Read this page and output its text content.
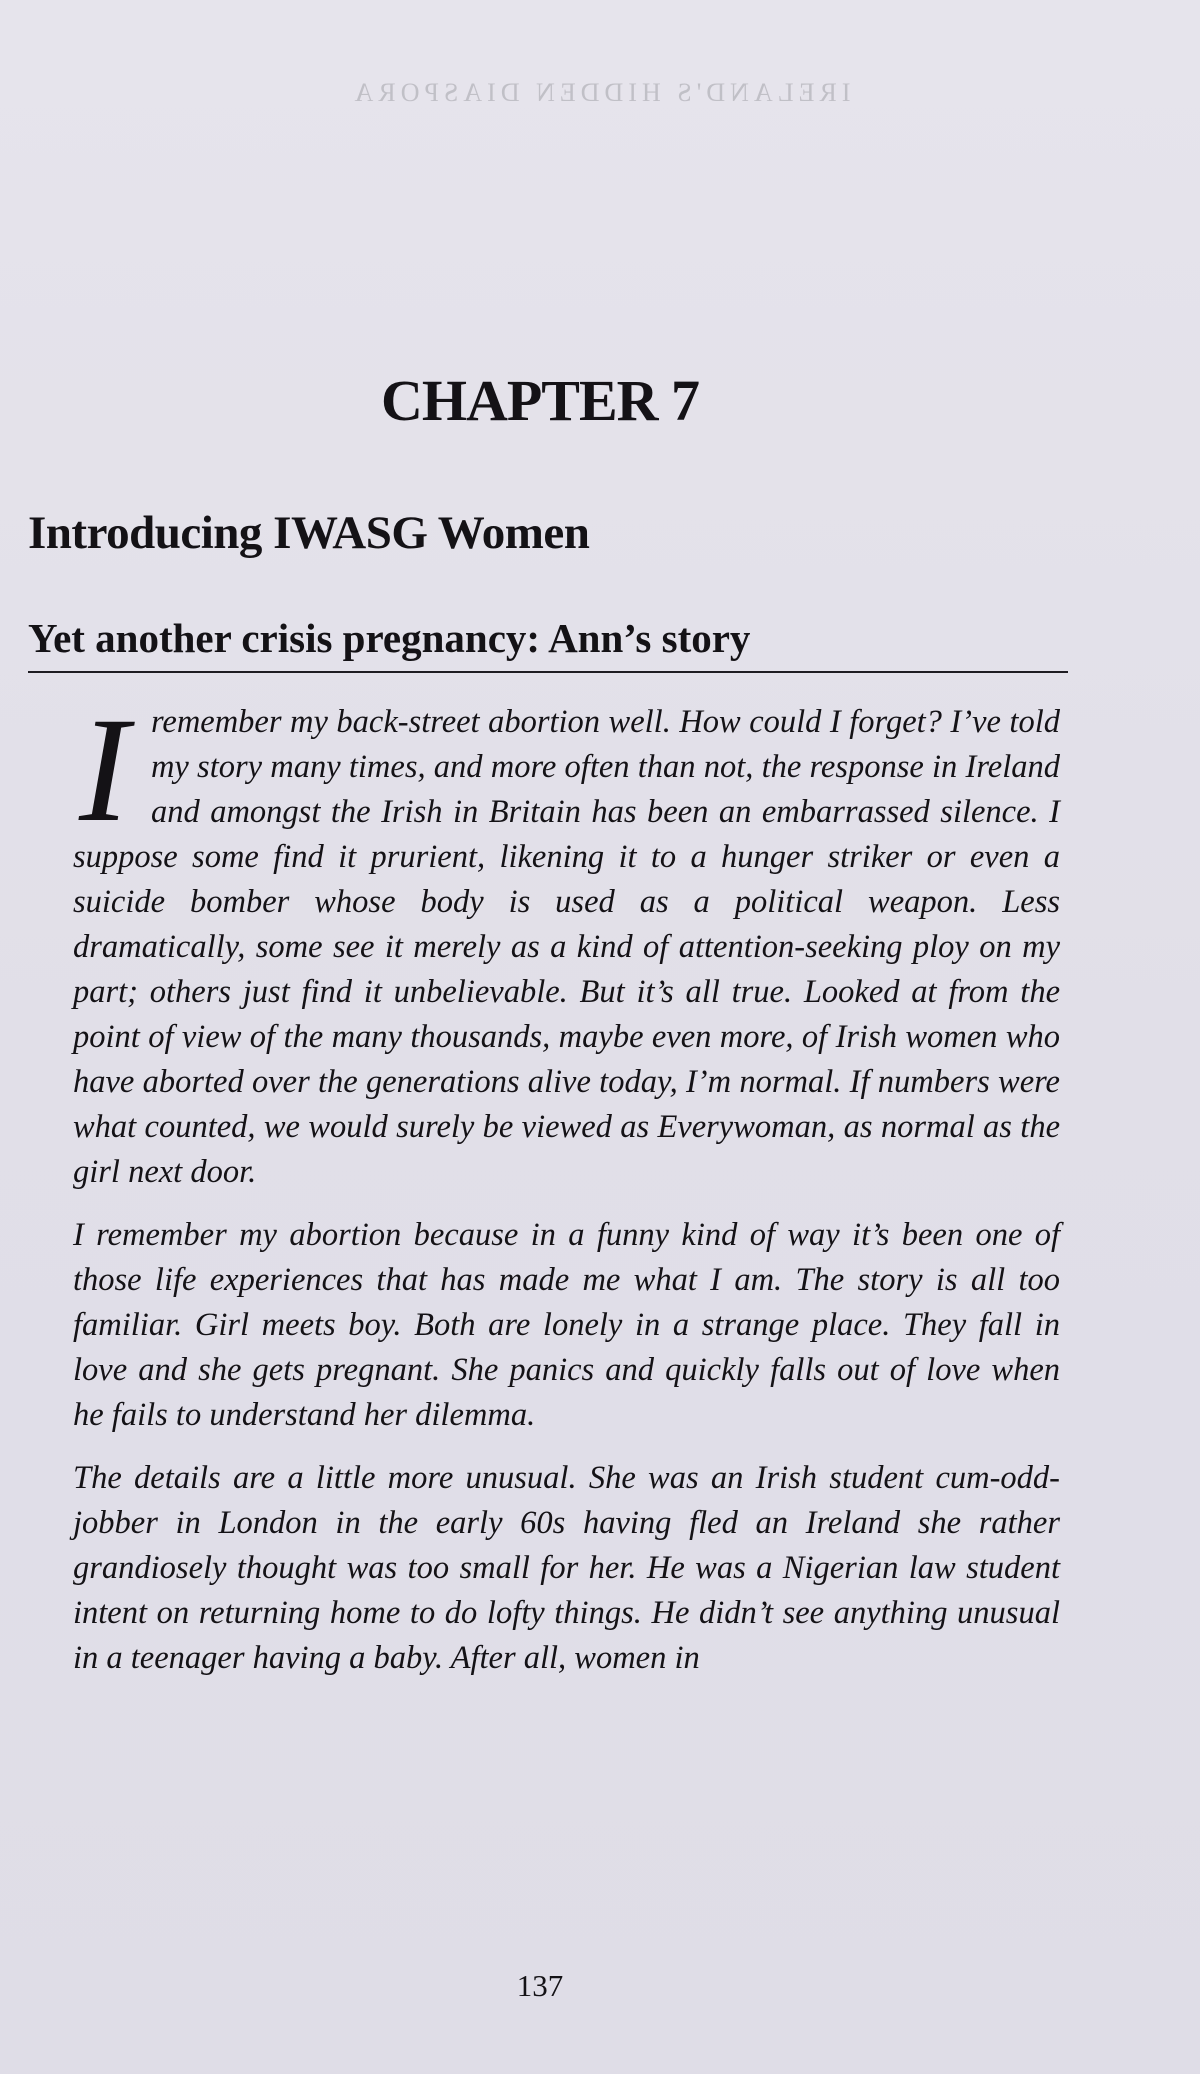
IRELAND'S HIDDEN DIASPORA
CHAPTER 7
Introducing IWASG Women
Yet another crisis pregnancy: Ann’s story

I remember my back-street abortion well. How could I forget? I’ve told my story many times, and more often than not, the response in Ireland and amongst the Irish in Britain has been an embarrassed silence. I suppose some find it prurient, likening it to a hunger striker or even a suicide bomber whose body is used as a political weapon. Less dramatically, some see it merely as a kind of attention-seeking ploy on my part; others just find it unbelievable. But it’s all true. Looked at from the point of view of the many thousands, maybe even more, of Irish women who have aborted over the generations alive today, I’m normal. If numbers were what counted, we would surely be viewed as Everywoman, as normal as the girl next door.

I remember my abortion because in a funny kind of way it’s been one of those life experiences that has made me what I am. The story is all too familiar. Girl meets boy. Both are lonely in a strange place. They fall in love and she gets pregnant. She panics and quickly falls out of love when he fails to understand her dilemma.

The details are a little more unusual. She was an Irish student cum-odd-jobber in London in the early 60s having fled an Ireland she rather grandiosely thought was too small for her. He was a Nigerian law student intent on returning home to do lofty things. He didn’t see anything unusual in a teenager having a baby. After all, women in

137
